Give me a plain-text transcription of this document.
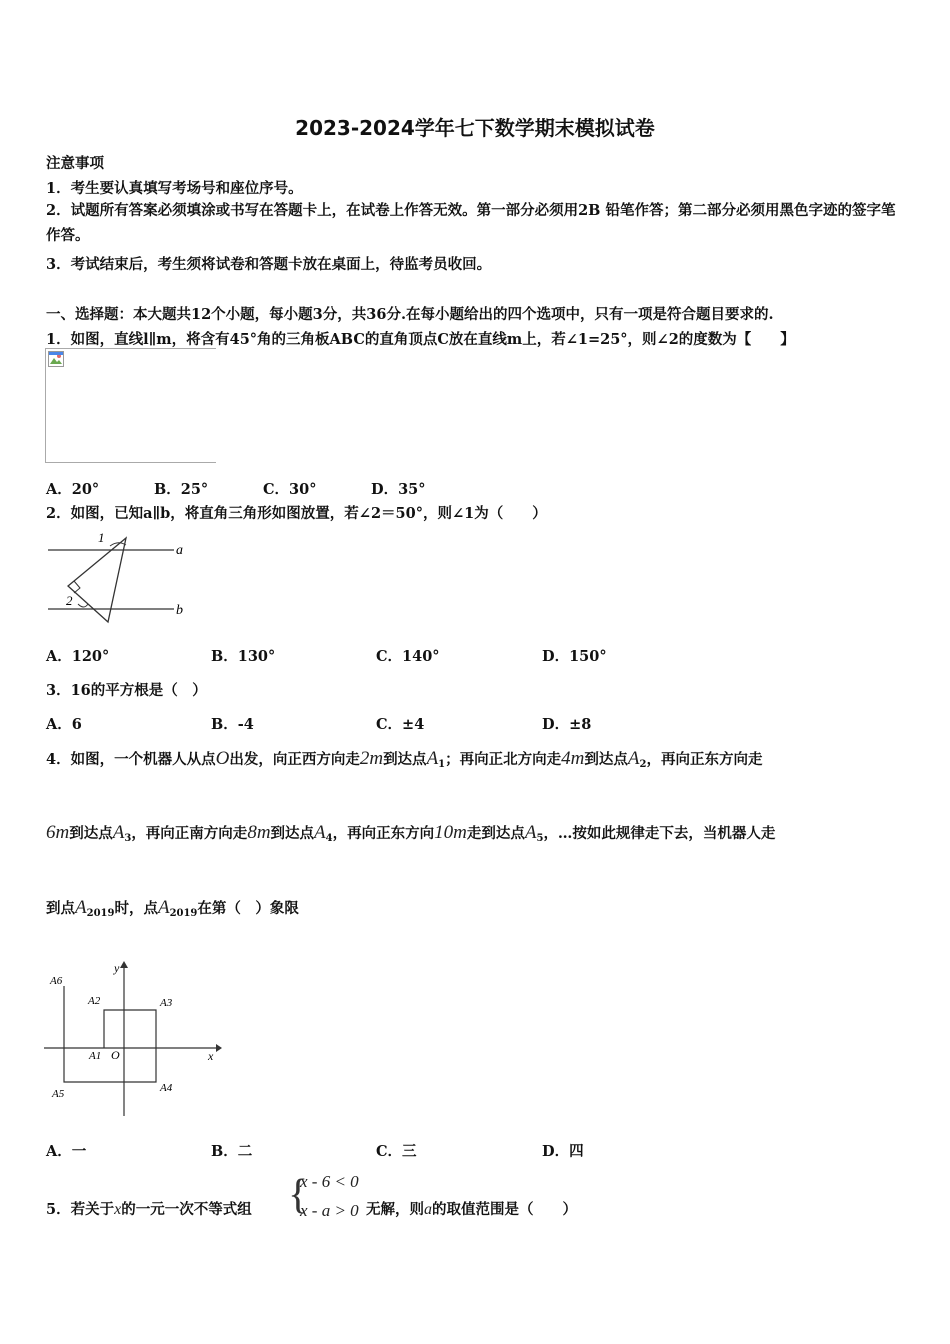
2023-2024学年七下数学期末模拟试卷
注意事项
1．考生要认真填写考场号和座位序号。
2．试题所有答案必须填涂或书写在答题卡上，在试卷上作答无效。第一部分必须用2B 铅笔作答；第二部分必须用黑色字迹的签字笔作答。
3．考试结束后，考生须将试卷和答题卡放在桌面上，待监考员收回。
一、选择题：本大题共12个小题，每小题3分，共36分.在每小题给出的四个选项中，只有一项是符合题目要求的.
1．如图，直线l∥m，将含有45°角的三角板ABC的直角顶点C放在直线m上，若∠1=25°，则∠2的度数为【　　】
A．20°	B．25°	C．30°	D．35°
2．如图，已知a∥b，将直角三角形如图放置，若∠2＝50°，则∠1为（　　）
1
2
a
b
A．120°	B．130°	C．140°	D．150°
3．16的平方根是（　）
A．6	B．-4	C．±4	D．±8
4．如图，一个机器人从点O出发，向正西方向走2m到达点$A_1$；再向正北方向走4m到达点$A_2$，再向正东方向走
6m到达点$A_3$，再向正南方向走8m到达点$A_4$，再向正东方向10m走到达点$A_5$，…按如此规律走下去，当机器人走
到点$A_{2019}$时，点$A_{2019}$在第（　）象限
y
x
O
A1
A2	A3
A4
A5
A6
A．一	B．二	C．三	D．四
5．若关于x的一元一次不等式组 {
x - 6 < 0
x - a > 0 无解，则a的取值范围是（　　）
